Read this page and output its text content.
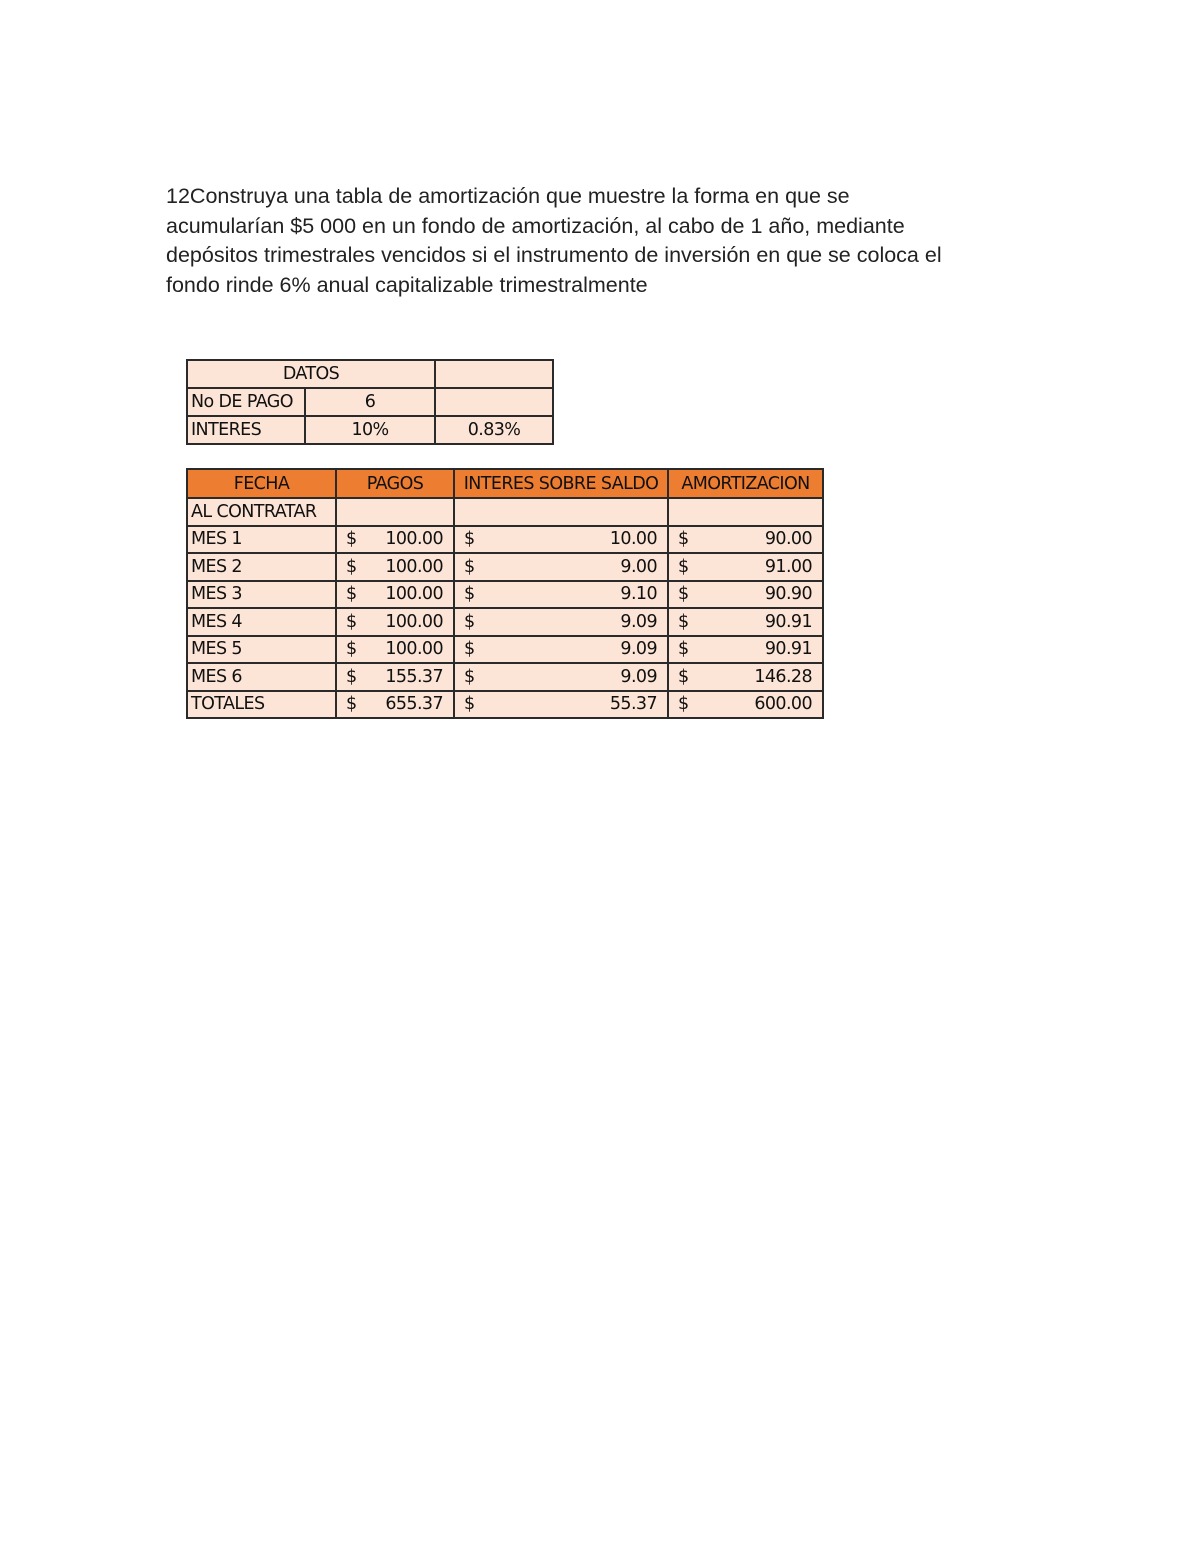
12Construya una tabla de amortización que muestre la forma en que se

acumularían $5 000 en un fondo de amortización, al cabo de 1 año, mediante

depósitos trimestrales vencidos si el instrumento de inversión en que se coloca el

fondo rinde 6% anual capitalizable trimestralmente

DATOS		
No DE PAGO	6	
INTERES	10%	0.83%
FECHA	PAGOS	INTERES SOBRE SALDO	AMORTIZACION
AL CONTRATAR			
MES 1	$ 100.00	$ 10.00	$ 90.00

MES 2	$ 100.00	$ 9.00	$ 91.00

MES 3	$ 100.00	$ 9.10	$ 90.90

MES 4	$ 100.00	$ 9.09	$ 90.91

MES 5	$ 100.00	$ 9.09	$ 90.91

MES 6	$ 155.37	$ 9.09	$ 146.28

TOTALES	$ 655.37	$ 55.37	$ 600.00
